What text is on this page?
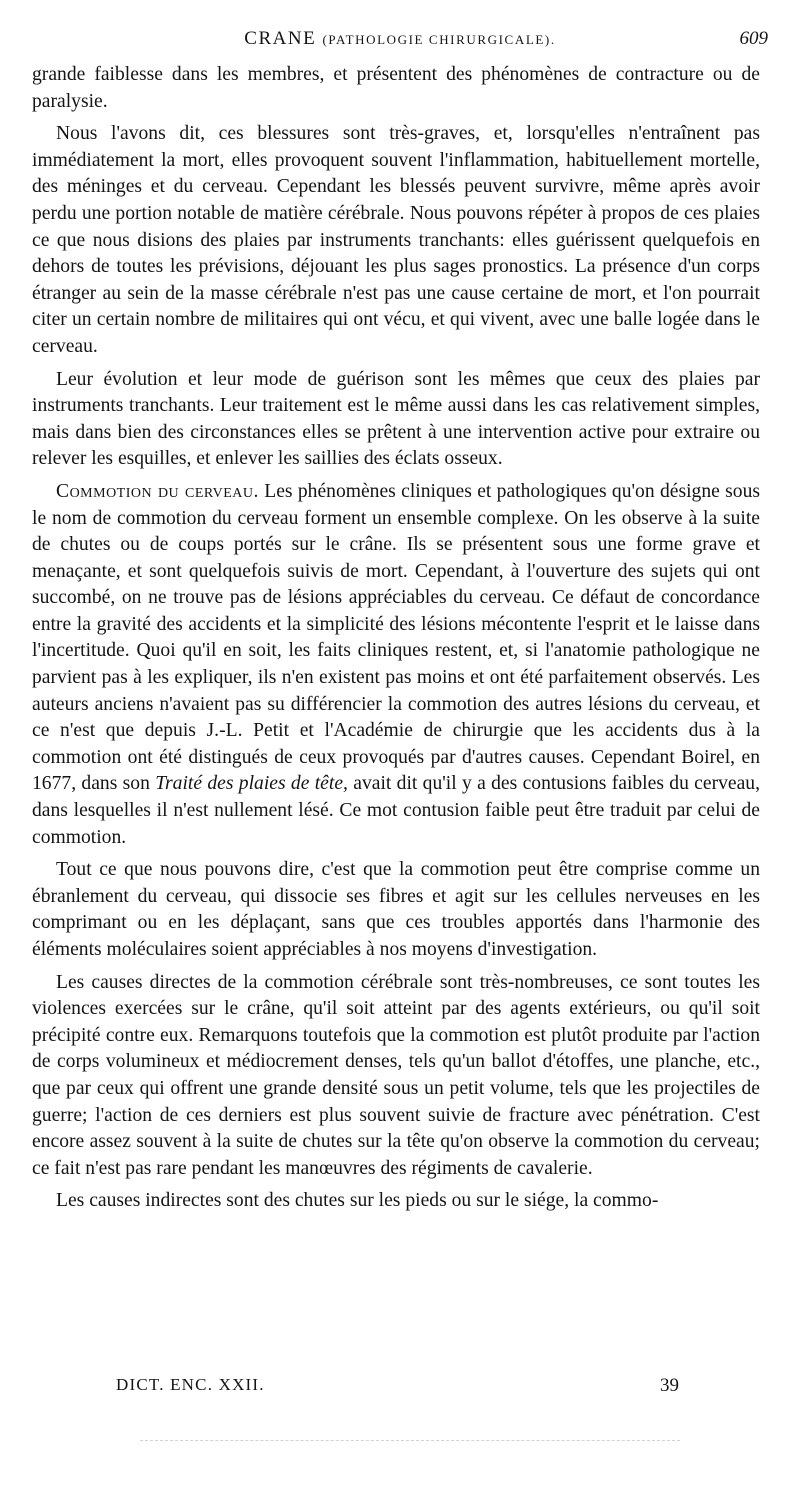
CRANE (PATHOLOGIE CHIRURGICALE).	609

grande faiblesse dans les membres, et présentent des phénomènes de contracture ou de paralysie.

Nous l'avons dit, ces blessures sont très-graves, et, lorsqu'elles n'entraînent pas immédiatement la mort, elles provoquent souvent l'inflammation, habituellement mortelle, des méninges et du cerveau. Cependant les blessés peuvent survivre, même après avoir perdu une portion notable de matière cérébrale. Nous pouvons répéter à propos de ces plaies ce que nous disions des plaies par instruments tranchants: elles guérissent quelquefois en dehors de toutes les prévisions, déjouant les plus sages pronostics. La présence d'un corps étranger au sein de la masse cérébrale n'est pas une cause certaine de mort, et l'on pourrait citer un certain nombre de militaires qui ont vécu, et qui vivent, avec une balle logée dans le cerveau.

Leur évolution et leur mode de guérison sont les mêmes que ceux des plaies par instruments tranchants. Leur traitement est le même aussi dans les cas relativement simples, mais dans bien des circonstances elles se prêtent à une intervention active pour extraire ou relever les esquilles, et enlever les saillies des éclats osseux.

Commotion du cerveau. Les phénomènes cliniques et pathologiques qu'on désigne sous le nom de commotion du cerveau forment un ensemble complexe. On les observe à la suite de chutes ou de coups portés sur le crâne. Ils se présentent sous une forme grave et menaçante, et sont quelquefois suivis de mort. Cependant, à l'ouverture des sujets qui ont succombé, on ne trouve pas de lésions appréciables du cerveau. Ce défaut de concordance entre la gravité des accidents et la simplicité des lésions mécontente l'esprit et le laisse dans l'incertitude. Quoi qu'il en soit, les faits cliniques restent, et, si l'anatomie pathologique ne parvient pas à les expliquer, ils n'en existent pas moins et ont été parfaitement observés. Les auteurs anciens n'avaient pas su différencier la commotion des autres lésions du cerveau, et ce n'est que depuis J.-L. Petit et l'Académie de chirurgie que les accidents dus à la commotion ont été distingués de ceux provoqués par d'autres causes. Cependant Boirel, en 1677, dans son Traité des plaies de tête, avait dit qu'il y a des contusions faibles du cerveau, dans lesquelles il n'est nullement lésé. Ce mot contusion faible peut être traduit par celui de commotion.

Tout ce que nous pouvons dire, c'est que la commotion peut être comprise comme un ébranlement du cerveau, qui dissocie ses fibres et agit sur les cellules nerveuses en les comprimant ou en les déplaçant, sans que ces troubles apportés dans l'harmonie des éléments moléculaires soient appréciables à nos moyens d'investigation.

Les causes directes de la commotion cérébrale sont très-nombreuses, ce sont toutes les violences exercées sur le crâne, qu'il soit atteint par des agents extérieurs, ou qu'il soit précipité contre eux. Remarquons toutefois que la commotion est plutôt produite par l'action de corps volumineux et médiocrement denses, tels qu'un ballot d'étoffes, une planche, etc., que par ceux qui offrent une grande densité sous un petit volume, tels que les projectiles de guerre; l'action de ces derniers est plus souvent suivie de fracture avec pénétration. C'est encore assez souvent à la suite de chutes sur la tête qu'on observe la commotion du cerveau; ce fait n'est pas rare pendant les manœuvres des régiments de cavalerie.

Les causes indirectes sont des chutes sur les pieds ou sur le siége, la commo-

DICT. ENC. XXII.	39
